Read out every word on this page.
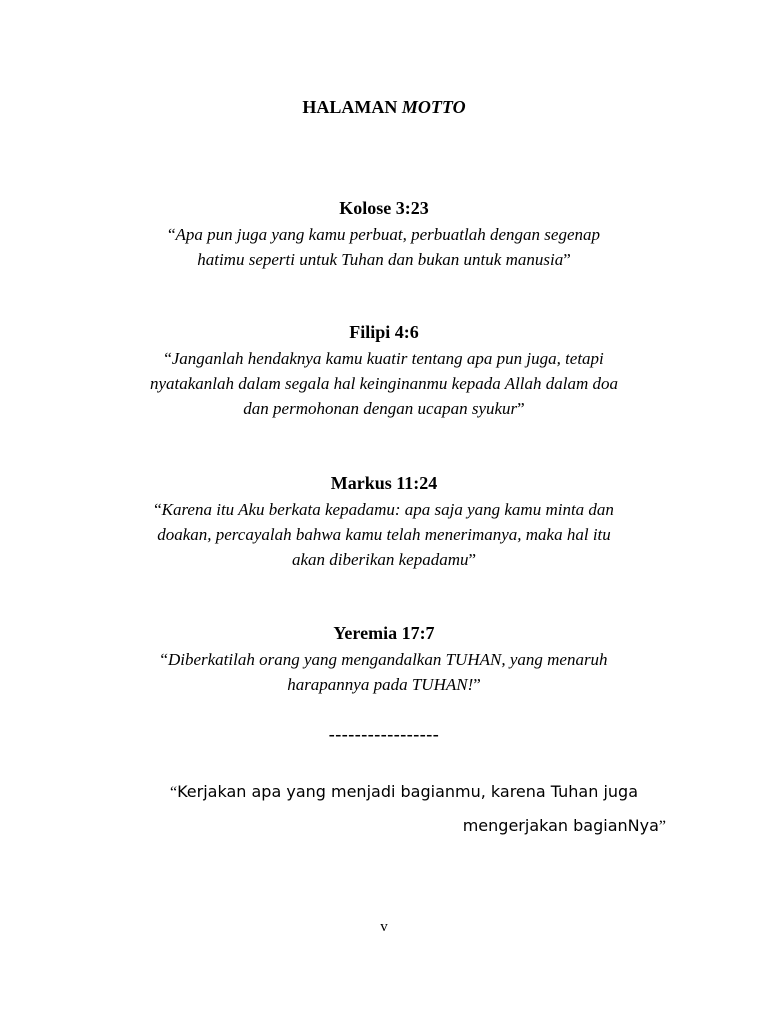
HALAMAN MOTTO
Kolose 3:23
“Apa pun juga yang kamu perbuat, perbuatlah dengan segenap
hatimu seperti untuk Tuhan dan bukan untuk manusia”
Filipi 4:6
“Janganlah hendaknya kamu kuatir tentang apa pun juga, tetapi
nyatakanlah dalam segala hal keinginanmu kepada Allah dalam doa
dan permohonan dengan ucapan syukur”
Markus 11:24
“Karena itu Aku berkata kepadamu: apa saja yang kamu minta dan
doakan, percayalah bahwa kamu telah menerimanya, maka hal itu
akan diberikan kepadamu”
Yeremia 17:7
“Diberkatilah orang yang mengandalkan TUHAN, yang menaruh
harapannya pada TUHAN!”
-----------------
“Kerjakan apa yang menjadi bagianmu, karena Tuhan juga
mengerjakan bagianNya”
v
